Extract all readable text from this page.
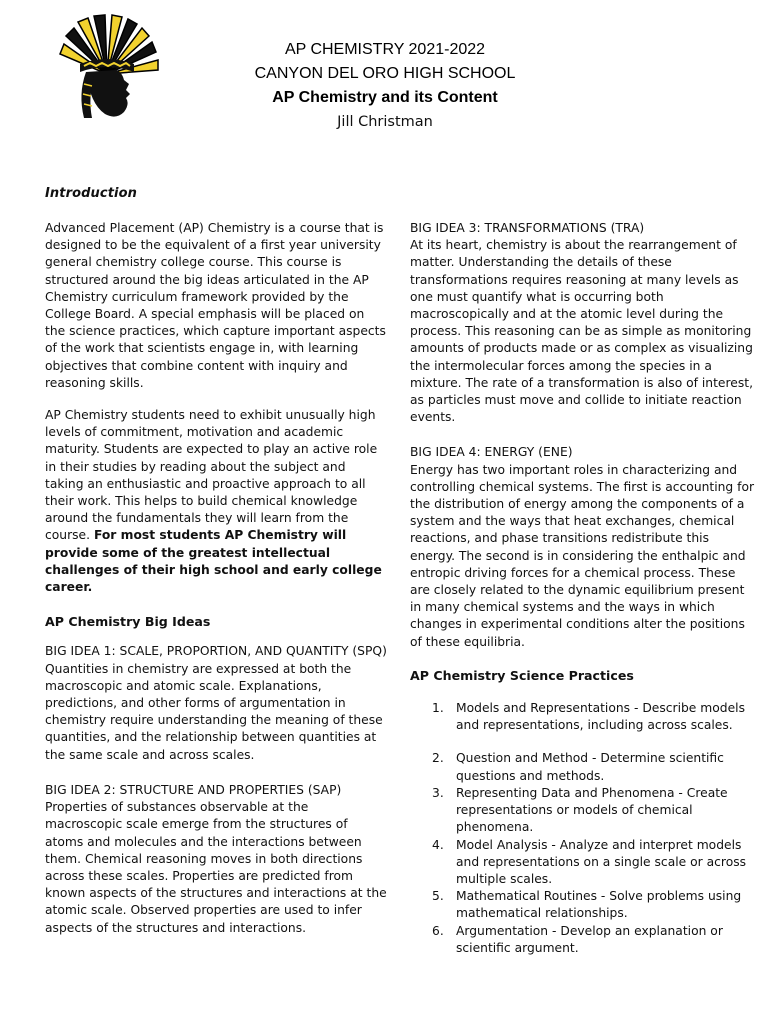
AP CHEMISTRY 2021-2022
CANYON DEL ORO HIGH SCHOOL
AP Chemistry and its Content
Jill Christman
Introduction

Advanced Placement (AP) Chemistry is a course that is designed to be the equivalent of a first year university general chemistry college course. This course is structured around the big ideas articulated in the AP Chemistry curriculum framework provided by the College Board. A special emphasis will be placed on the science practices, which capture important aspects of the work that scientists engage in, with learning objectives that combine content with inquiry and reasoning skills.

AP Chemistry students need to exhibit unusually high levels of commitment, motivation and academic maturity. Students are expected to play an active role in their studies by reading about the subject and taking an enthusiastic and proactive approach to all their work. This helps to build chemical knowledge around the fundamentals they will learn from the course. For most students AP Chemistry will provide some of the greatest intellectual challenges of their high school and early college career.

AP Chemistry Big Ideas

BIG IDEA 1: SCALE, PROPORTION, AND QUANTITY (SPQ)

Quantities in chemistry are expressed at both the macroscopic and atomic scale. Explanations, predictions, and other forms of argumentation in chemistry require understanding the meaning of these quantities, and the relationship between quantities at the same scale and across scales.

BIG IDEA 2: STRUCTURE AND PROPERTIES (SAP)

Properties of substances observable at the macroscopic scale emerge from the structures of atoms and molecules and the interactions between them. Chemical reasoning moves in both directions across these scales. Properties are predicted from known aspects of the structures and interactions at the atomic scale. Observed properties are used to infer aspects of the structures and interactions.

BIG IDEA 3: TRANSFORMATIONS (TRA)

At its heart, chemistry is about the rearrangement of matter. Understanding the details of these transformations requires reasoning at many levels as one must quantify what is occurring both macroscopically and at the atomic level during the process. This reasoning can be as simple as monitoring amounts of products made or as complex as visualizing the intermolecular forces among the species in a mixture. The rate of a transformation is also of interest, as particles must move and collide to initiate reaction events.

BIG IDEA 4: ENERGY (ENE)

Energy has two important roles in characterizing and controlling chemical systems. The first is accounting for the distribution of energy among the components of a system and the ways that heat exchanges, chemical reactions, and phase transitions redistribute this energy. The second is in considering the enthalpic and entropic driving forces for a chemical process. These are closely related to the dynamic equilibrium present in many chemical systems and the ways in which changes in experimental conditions alter the positions of these equilibria.

AP Chemistry Science Practices

1. Models and Representations - Describe models and representations, including across scales.
2. Question and Method - Determine scientific questions and methods.
3. Representing Data and Phenomena - Create representations or models of chemical phenomena.
4. Model Analysis - Analyze and interpret models and representations on a single scale or across multiple scales.
5. Mathematical Routines - Solve problems using mathematical relationships.
6. Argumentation - Develop an explanation or scientific argument.
